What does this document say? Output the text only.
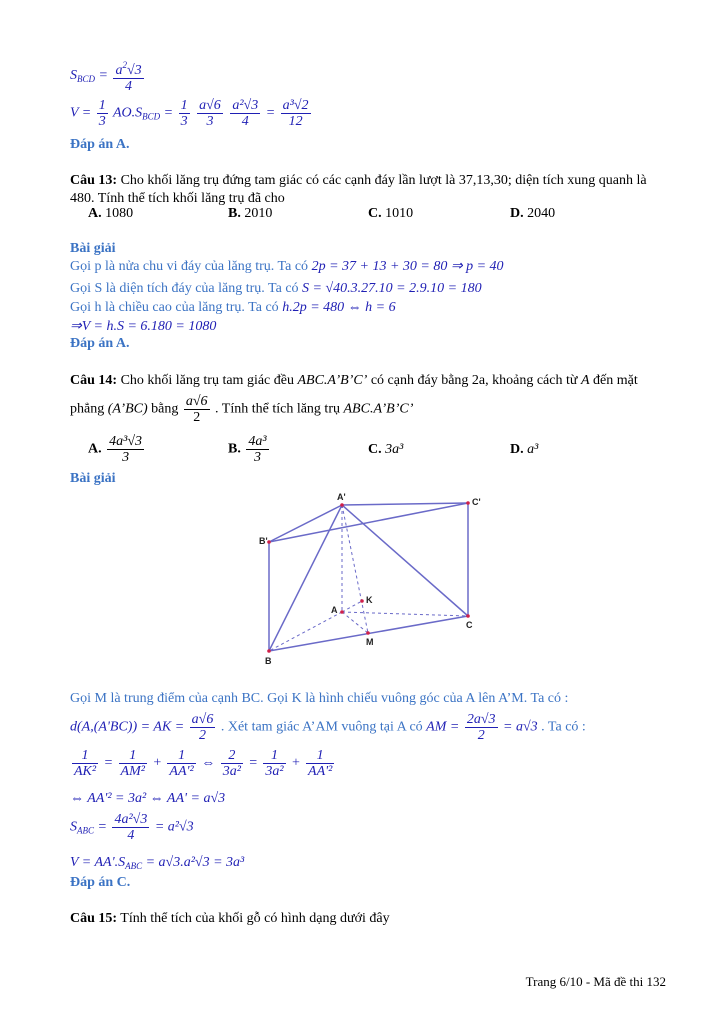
$S_{BCD} = \frac{a^2√3}{4}$
$V = \frac{1}{3} AO.S_{BCD} = \frac{1}{3}$
$\frac{a√6}{3}$
$\frac{\text{a²√3}}{4} = \frac{\text{a³√2}}{12}$
Đáp án A.
Câu 13: Cho khối lăng trụ đứng tam giác có các cạnh đáy lần lượt là 37,13,30; diện tích xung quanh là 480. Tính thể tích khối lăng trụ đã cho
A. 1080	B. 2010	C. 1010	D. 2040
Bài giải
Gọi p là nửa chu vi đáy của lăng trụ. Ta có 2p = 37 + 13 + 30 = 80 ⇒ p = 40
Gọi S là diện tích đáy của lăng trụ. Ta có S = √40.3.27.10 = 2.9.10 = 180
Gọi h là chiều cao của lăng trụ. Ta có h.2p = 480 ⇔ h = 6
⇒V = h.S = 6.180 = 1080
Đáp án A.
Câu 14: Cho khối lăng trụ tam giác đều ABC.A’B’C’ có cạnh đáy bằng 2a, khoảng cách từ A đến mặt
phẳng (A’BC) bằng $\frac{a√6}{2}$ . Tính thể tích lăng trụ ABC.A’B’C’
A. $\frac{\text{4a³√3}}{3}$	B. $\frac{\text{4a³}}{3}$	C. 3a³	D. a³
Bài giải
A'
B'
C'
A
B
C
K
M
Gọi M là trung điểm của cạnh BC. Gọi K là hình chiếu vuông góc của A lên A’M. Ta có :
d(A,(A'BC)) = AK = $\frac{a√6}{2}$ . Xét tam giác A’AM vuông tại A có AM = $\frac{2a√3}{2} = a√3$ . Ta có :
$\frac{1}{\text{AK²}} = \frac{1}{\text{AM²}} + \frac{1}{\text{AA'²}}$ ⇔ $\frac{2}{\text{3a²}} = \frac{1}{\text{3a²}} + \frac{1}{\text{AA'²}}$
⇔ AA'² = 3a² ⇔ AA' = a√3
$S_{ABC} = \frac{\text{4a²√3}}{4} = a^2√3$
$V = AA'.S_{ABC} = a√3.a^2√3 = 3a^3$
Đáp án C.
Câu 15: Tính thể tích của khối gỗ có hình dạng dưới đây
Trang 6/10 - Mã đề thi 132
